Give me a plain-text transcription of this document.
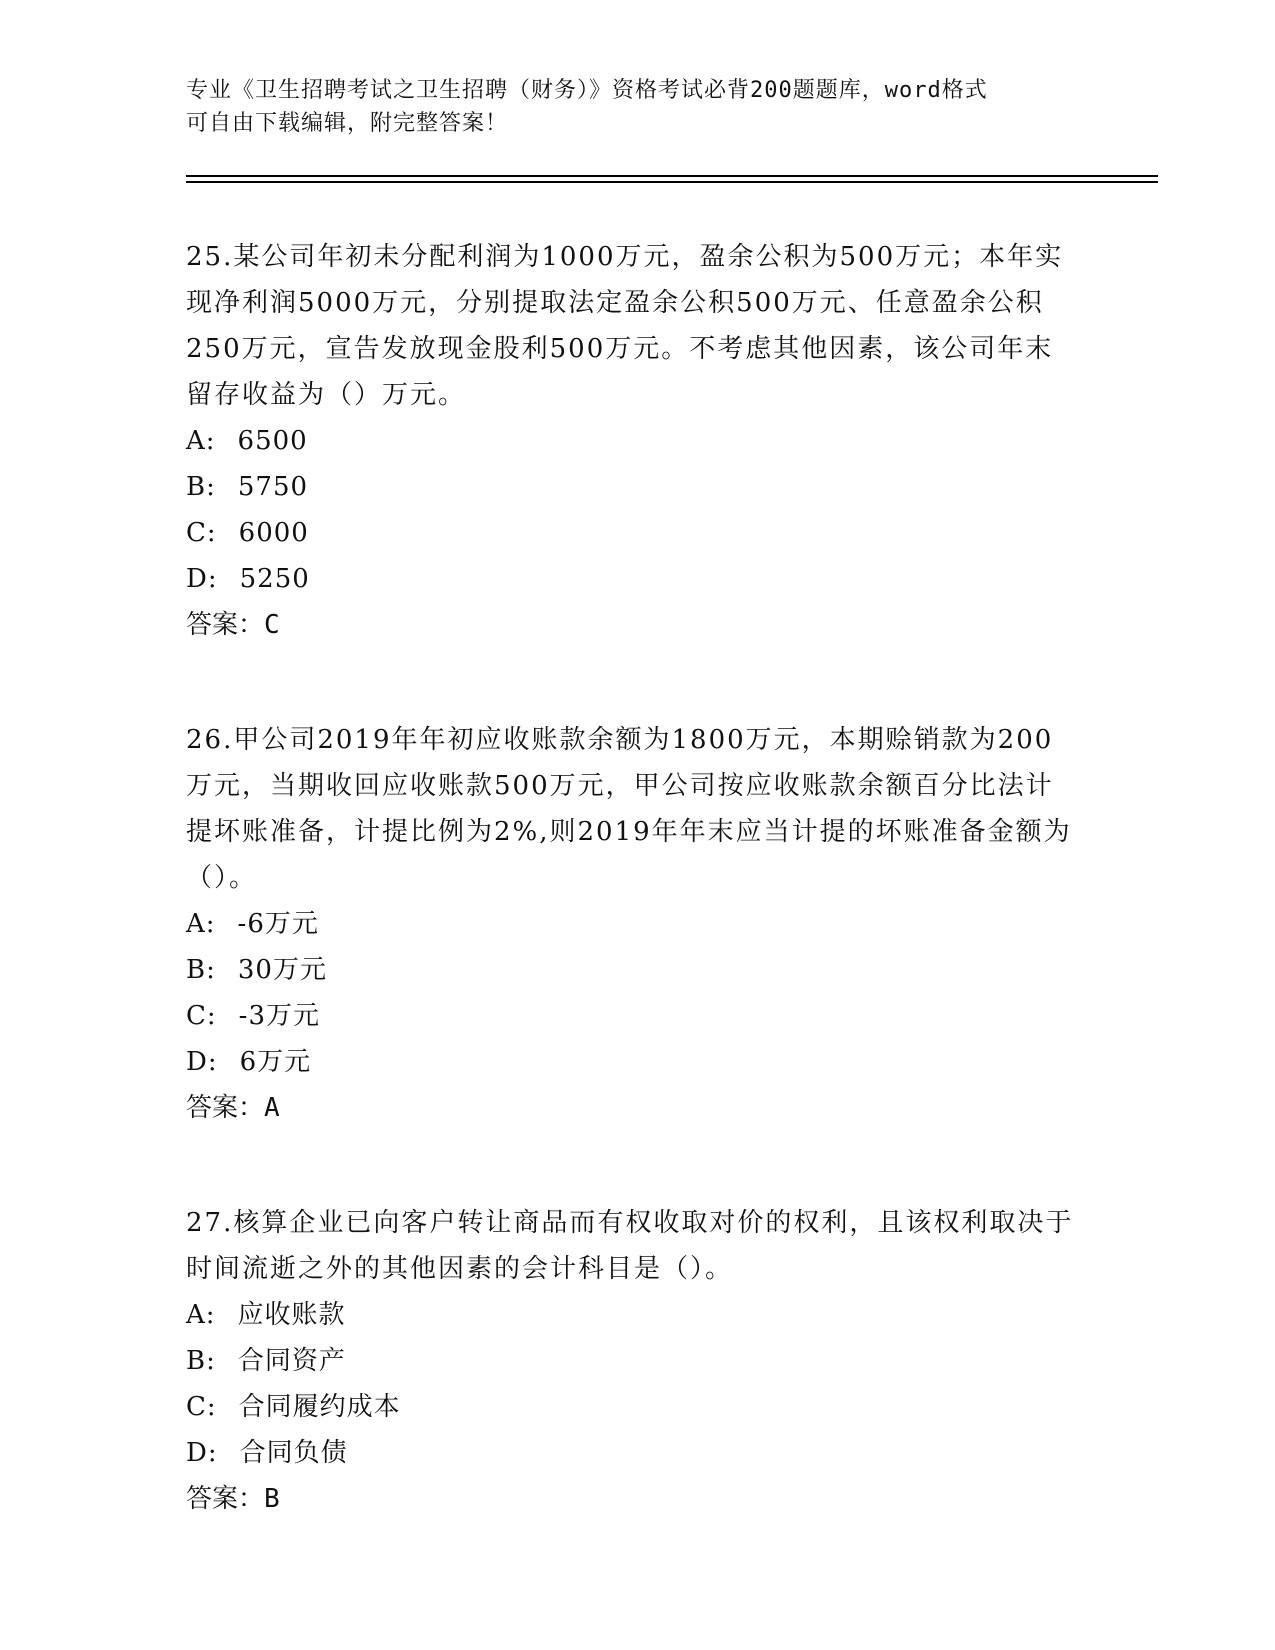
专业《卫生招聘考试之卫生招聘（财务）》资格考试必背200题题库，word格式
可自由下载编辑，附完整答案！
25.某公司年初未分配利润为1000万元，盈余公积为500万元；本年实现净利润5000万元，分别提取法定盈余公积500万元、任意盈余公积250万元，宣告发放现金股利500万元。不考虑其他因素，该公司年末留存收益为（）万元。
A: 6500
B: 5750
C: 6000
D: 5250
答案：C
26.甲公司2019年年初应收账款余额为1800万元，本期赊销款为200万元，当期收回应收账款500万元，甲公司按应收账款余额百分比法计提坏账准备，计提比例为2%,则2019年年末应当计提的坏账准备金额为（）。
A: -6万元
B: 30万元
C: -3万元
D: 6万元
答案：A
27.核算企业已向客户转让商品而有权收取对价的权利，且该权利取决于时间流逝之外的其他因素的会计科目是（）。
A: 应收账款
B: 合同资产
C: 合同履约成本
D: 合同负债
答案：B
